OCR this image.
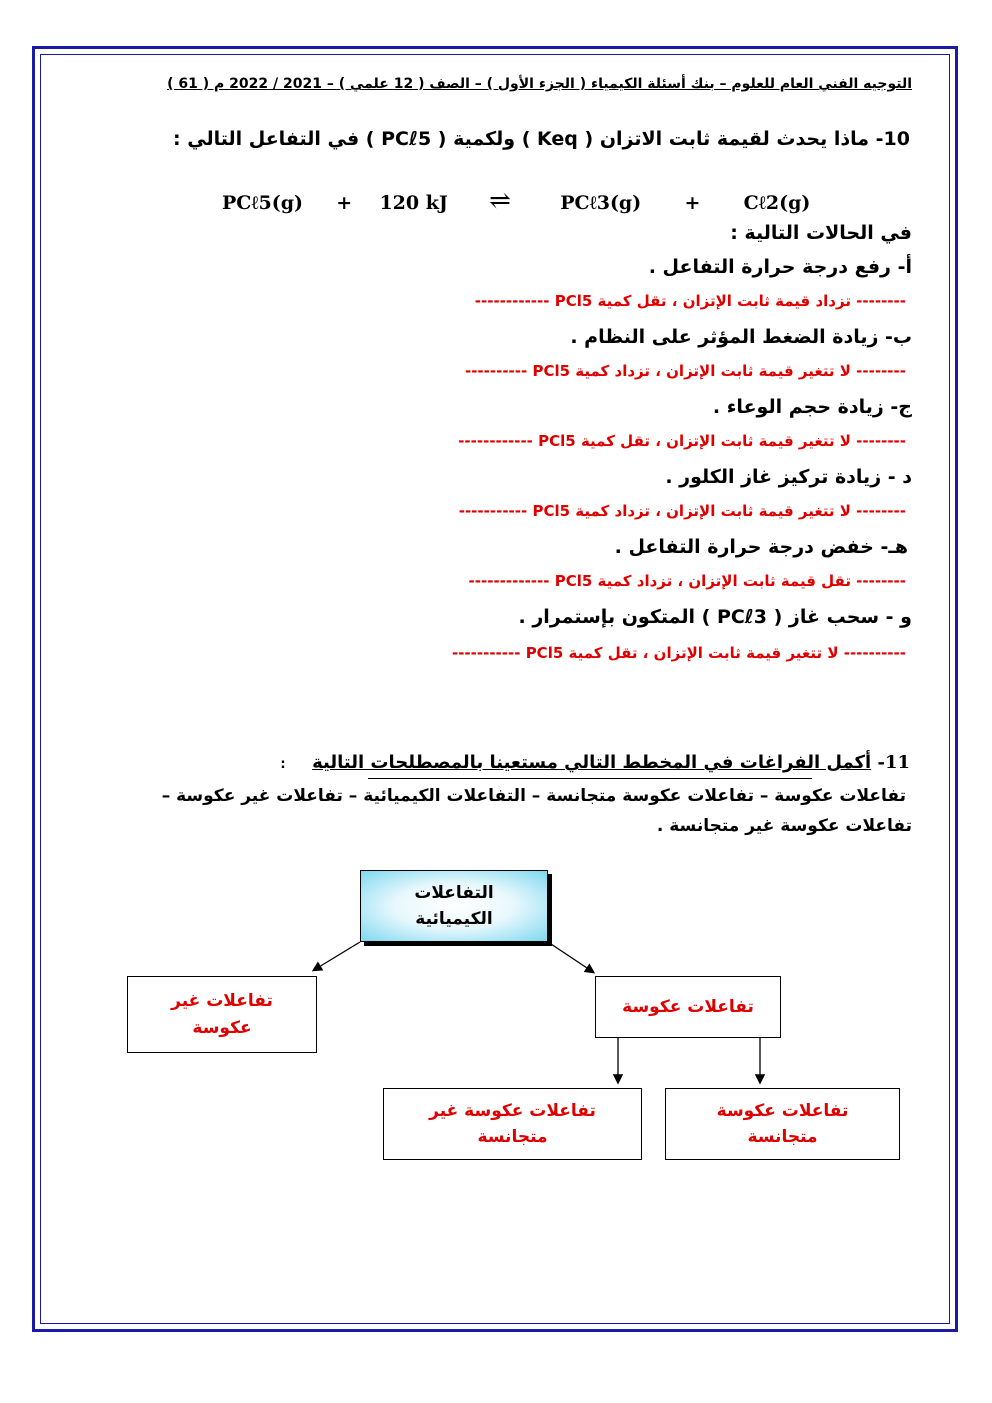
التوجيه الفني العام للعلوم – بنك أسئلة الكيمياء ( الجزء الأول ) – الصف ( 12 علمي ) – 2021 / 2022 م ( 61 )
10- ماذا يحدث لقيمة ثابت الاتزان ( Keq ) ولكمية ( PCℓ5 ) في التفاعل التالي :
PCℓ5(g) + 120 kJ ⇌	PCℓ3(g) + Cℓ2(g)
في الحالات التالية :
أ- رفع درجة حرارة التفاعل .
-------- تزداد قيمة ثابت الإتزان ، تقل كمية PCl5 ------------
ب- زيادة الضغط المؤثر على النظام .
-------- لا تتغير قيمة ثابت الإتزان ، تزداد كمية PCl5 ----------
ج- زيادة حجم الوعاء .
-------- لا تتغير قيمة ثابت الإتزان ، تقل كمية PCl5 ------------
د - زيادة تركيز غاز الكلور .
-------- لا تتغير قيمة ثابت الإتزان ، تزداد كمية PCl5 -----------
هـ- خفض درجة حرارة التفاعل .
-------- تقل قيمة ثابت الإتزان ، تزداد كمية PCl5 -------------
و - سحب غاز ( PCℓ3 ) المتكون بإستمرار .
---------- لا تتغير قيمة ثابت الإتزان ، تقل كمية PCl5 -----------
11- أكمل الفراغات في المخطط التالي مستعينا بالمصطلحات التالية  :
تفاعلات عكوسة – تفاعلات عكوسة متجانسة – التفاعلات الكيميائية – تفاعلات غير عكوسة –
تفاعلات عكوسة غير متجانسة .
التفاعلات
الكيميائية
تفاعلات غير
عكوسة
تفاعلات عكوسة
تفاعلات عكوسة غير
متجانسة
تفاعلات عكوسة
متجانسة
